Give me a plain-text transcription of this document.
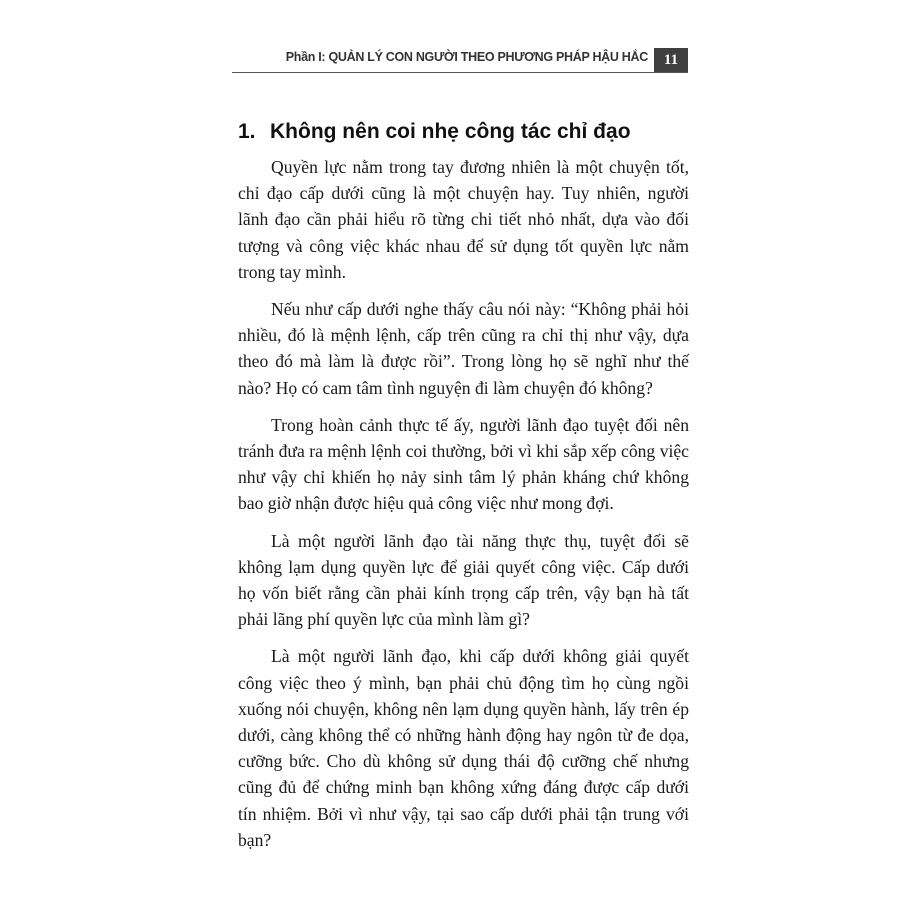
Phần I: QUẢN LÝ CON NGƯỜI THEO PHƯƠNG PHÁP HẬU HẮC	11
1. Không nên coi nhẹ công tác chỉ đạo

Quyền lực nằm trong tay đương nhiên là một chuyện tốt, chỉ đạo cấp dưới cũng là một chuyện hay. Tuy nhiên, người lãnh đạo cần phải hiểu rõ từng chi tiết nhỏ nhất, dựa vào đối tượng và công việc khác nhau để sử dụng tốt quyền lực nằm trong tay mình.

Nếu như cấp dưới nghe thấy câu nói này: “Không phải hỏi nhiều, đó là mệnh lệnh, cấp trên cũng ra chỉ thị như vậy, dựa theo đó mà làm là được rồi”. Trong lòng họ sẽ nghĩ như thế nào? Họ có cam tâm tình nguyện đi làm chuyện đó không?

Trong hoàn cảnh thực tế ấy, người lãnh đạo tuyệt đối nên tránh đưa ra mệnh lệnh coi thường, bởi vì khi sắp xếp công việc như vậy chỉ khiến họ nảy sinh tâm lý phản kháng chứ không bao giờ nhận được hiệu quả công việc như mong đợi.

Là một người lãnh đạo tài năng thực thụ, tuyệt đối sẽ không lạm dụng quyền lực để giải quyết công việc. Cấp dưới họ vốn biết rằng cần phải kính trọng cấp trên, vậy bạn hà tất phải lãng phí quyền lực của mình làm gì?

Là một người lãnh đạo, khi cấp dưới không giải quyết công việc theo ý mình, bạn phải chủ động tìm họ cùng ngồi xuống nói chuyện, không nên lạm dụng quyền hành, lấy trên ép dưới, càng không thể có những hành động hay ngôn từ đe dọa, cưỡng bức. Cho dù không sử dụng thái độ cưỡng chế nhưng cũng đủ để chứng minh bạn không xứng đáng được cấp dưới tín nhiệm. Bởi vì như vậy, tại sao cấp dưới phải tận trung với bạn?
